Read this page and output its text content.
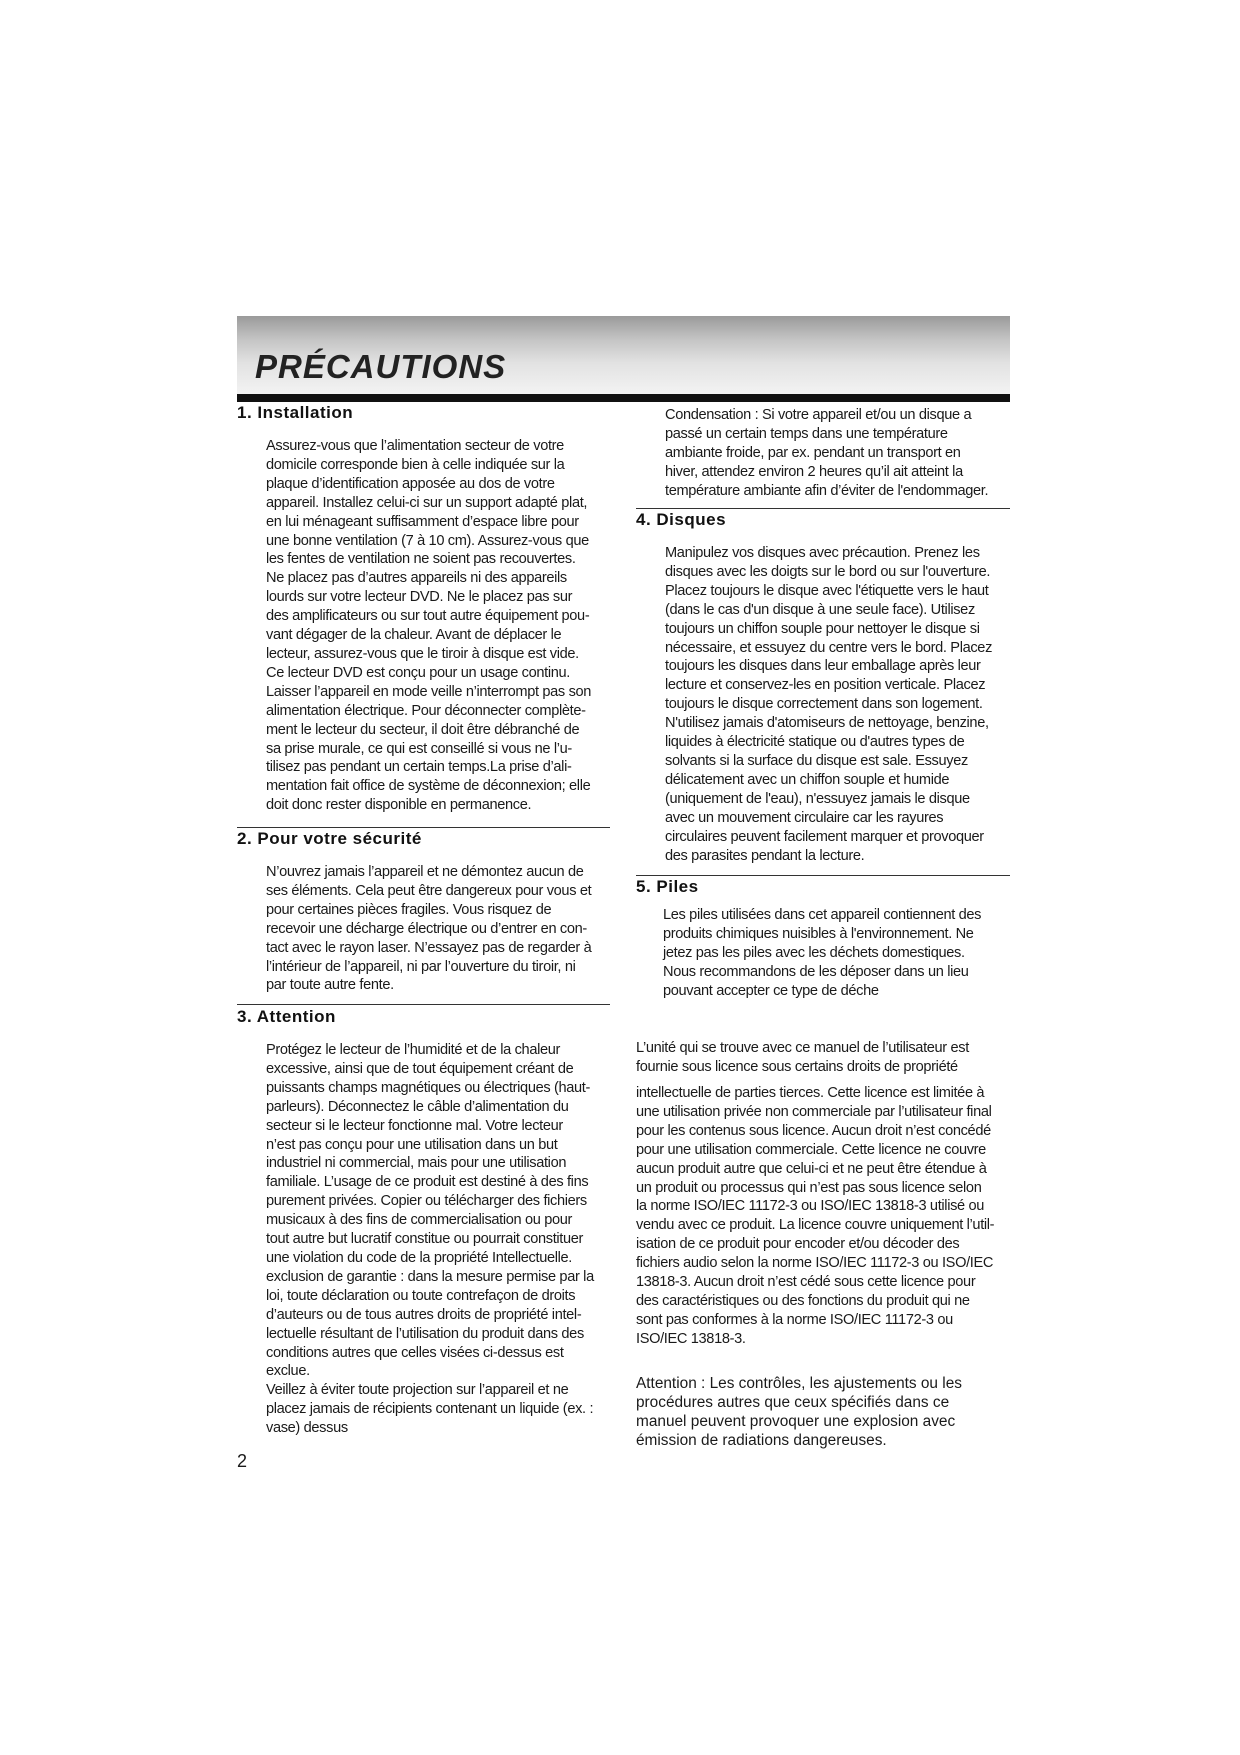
PRÉCAUTIONS
1. Installation

Assurez-vous que l’alimentation secteur de votre
domicile corresponde bien à celle indiquée sur la
plaque d’identification apposée au dos de votre
appareil. Installez celui-ci sur un support adapté plat,
en lui ménageant suffisamment d’espace libre pour
une bonne ventilation (7 à 10 cm). Assurez-vous que
les fentes de ventilation ne soient pas recouvertes.
Ne placez pas d’autres appareils ni des appareils
lourds sur votre lecteur DVD. Ne le placez pas sur
des amplificateurs ou sur tout autre équipement pou-
vant dégager de la chaleur. Avant de déplacer le
lecteur, assurez-vous que le tiroir à disque est vide.
Ce lecteur DVD est conçu pour un usage continu.
Laisser l’appareil en mode veille n’interrompt pas son
alimentation électrique. Pour déconnecter complète-
ment le lecteur du secteur, il doit être débranché de
sa prise murale, ce qui est conseillé si vous ne l’u-
tilisez pas pendant un certain temps.La prise d’ali-
mentation fait office de système de déconnexion; elle
doit donc rester disponible en permanence.

2. Pour votre sécurité

N’ouvrez jamais l’appareil et ne démontez aucun de
ses éléments. Cela peut être dangereux pour vous et
pour certaines pièces fragiles. Vous risquez de
recevoir une décharge électrique ou d’entrer en con-
tact avec le rayon laser. N’essayez pas de regarder à
l’intérieur de l’appareil, ni par l’ouverture du tiroir, ni
par toute autre fente.

3. Attention

Protégez le lecteur de l’humidité et de la chaleur
excessive, ainsi que de tout équipement créant de
puissants champs magnétiques ou électriques (haut-
parleurs). Déconnectez le câble d’alimentation du
secteur si le lecteur fonctionne mal. Votre lecteur
n’est pas conçu pour une utilisation dans un but
industriel ni commercial, mais pour une utilisation
familiale. L’usage de ce produit est destiné à des fins
purement privées. Copier ou télécharger des fichiers
musicaux à des fins de commercialisation ou pour
tout autre but lucratif constitue ou pourrait constituer
une violation du code de la propriété Intellectuelle.
exclusion de garantie : dans la mesure permise par la
loi, toute déclaration ou toute contrefaçon de droits
d’auteurs ou de tous autres droits de propriété intel-
lectuelle résultant de l’utilisation du produit dans des
conditions autres que celles visées ci-dessus est
exclue.
Veillez à éviter toute projection sur l’appareil et ne
placez jamais de récipients contenant un liquide (ex. :
vase) dessus

2

Condensation : Si votre appareil et/ou un disque a
passé un certain temps dans une température
ambiante froide, par ex. pendant un transport en
hiver, attendez environ 2 heures qu’il ait atteint la
température ambiante afin d’éviter de l'endommager.

4. Disques

Manipulez vos disques avec précaution. Prenez les
disques avec les doigts sur le bord ou sur l'ouverture.
Placez toujours le disque avec l'étiquette vers le haut
(dans le cas d'un disque à une seule face). Utilisez
toujours un chiffon souple pour nettoyer le disque si
nécessaire, et essuyez du centre vers le bord. Placez
toujours les disques dans leur emballage après leur
lecture et conservez-les en position verticale. Placez
toujours le disque correctement dans son logement.
N'utilisez jamais d'atomiseurs de nettoyage, benzine,
liquides à électricité statique ou d'autres types de
solvants si la surface du disque est sale. Essuyez
délicatement avec un chiffon souple et humide
(uniquement de l'eau), n'essuyez jamais le disque
avec un mouvement circulaire car les rayures
circulaires peuvent facilement marquer et provoquer
des parasites pendant la lecture.

5. Piles

Les piles utilisées dans cet appareil contiennent des
produits chimiques nuisibles à l'environnement. Ne
jetez pas les piles avec les déchets domestiques.
Nous recommandons de les déposer dans un lieu
pouvant accepter ce type de déche

L’unité qui se trouve avec ce manuel de l’utilisateur est
fournie sous licence sous certains droits de propriété

intellectuelle de parties tierces. Cette licence est limitée à
une utilisation privée non commerciale par l’utilisateur final
pour les contenus sous licence. Aucun droit n’est concédé
pour une utilisation commerciale. Cette licence ne couvre
aucun produit autre que celui-ci et ne peut être étendue à
un produit ou processus qui n’est pas sous licence selon
la norme ISO/IEC 11172-3 ou ISO/IEC 13818-3 utilisé ou
vendu avec ce produit. La licence couvre uniquement l’util-
isation de ce produit pour encoder et/ou décoder des
fichiers audio selon la norme ISO/IEC 11172-3 ou ISO/IEC
13818-3. Aucun droit n’est cédé sous cette licence pour
des caractéristiques ou des fonctions du produit qui ne
sont pas conformes à la norme ISO/IEC 11172-3 ou
ISO/IEC 13818-3.

Attention : Les contrôles, les ajustements ou les
procédures autres que ceux spécifiés dans ce
manuel peuvent provoquer une explosion avec
émission de radiations dangereuses.
